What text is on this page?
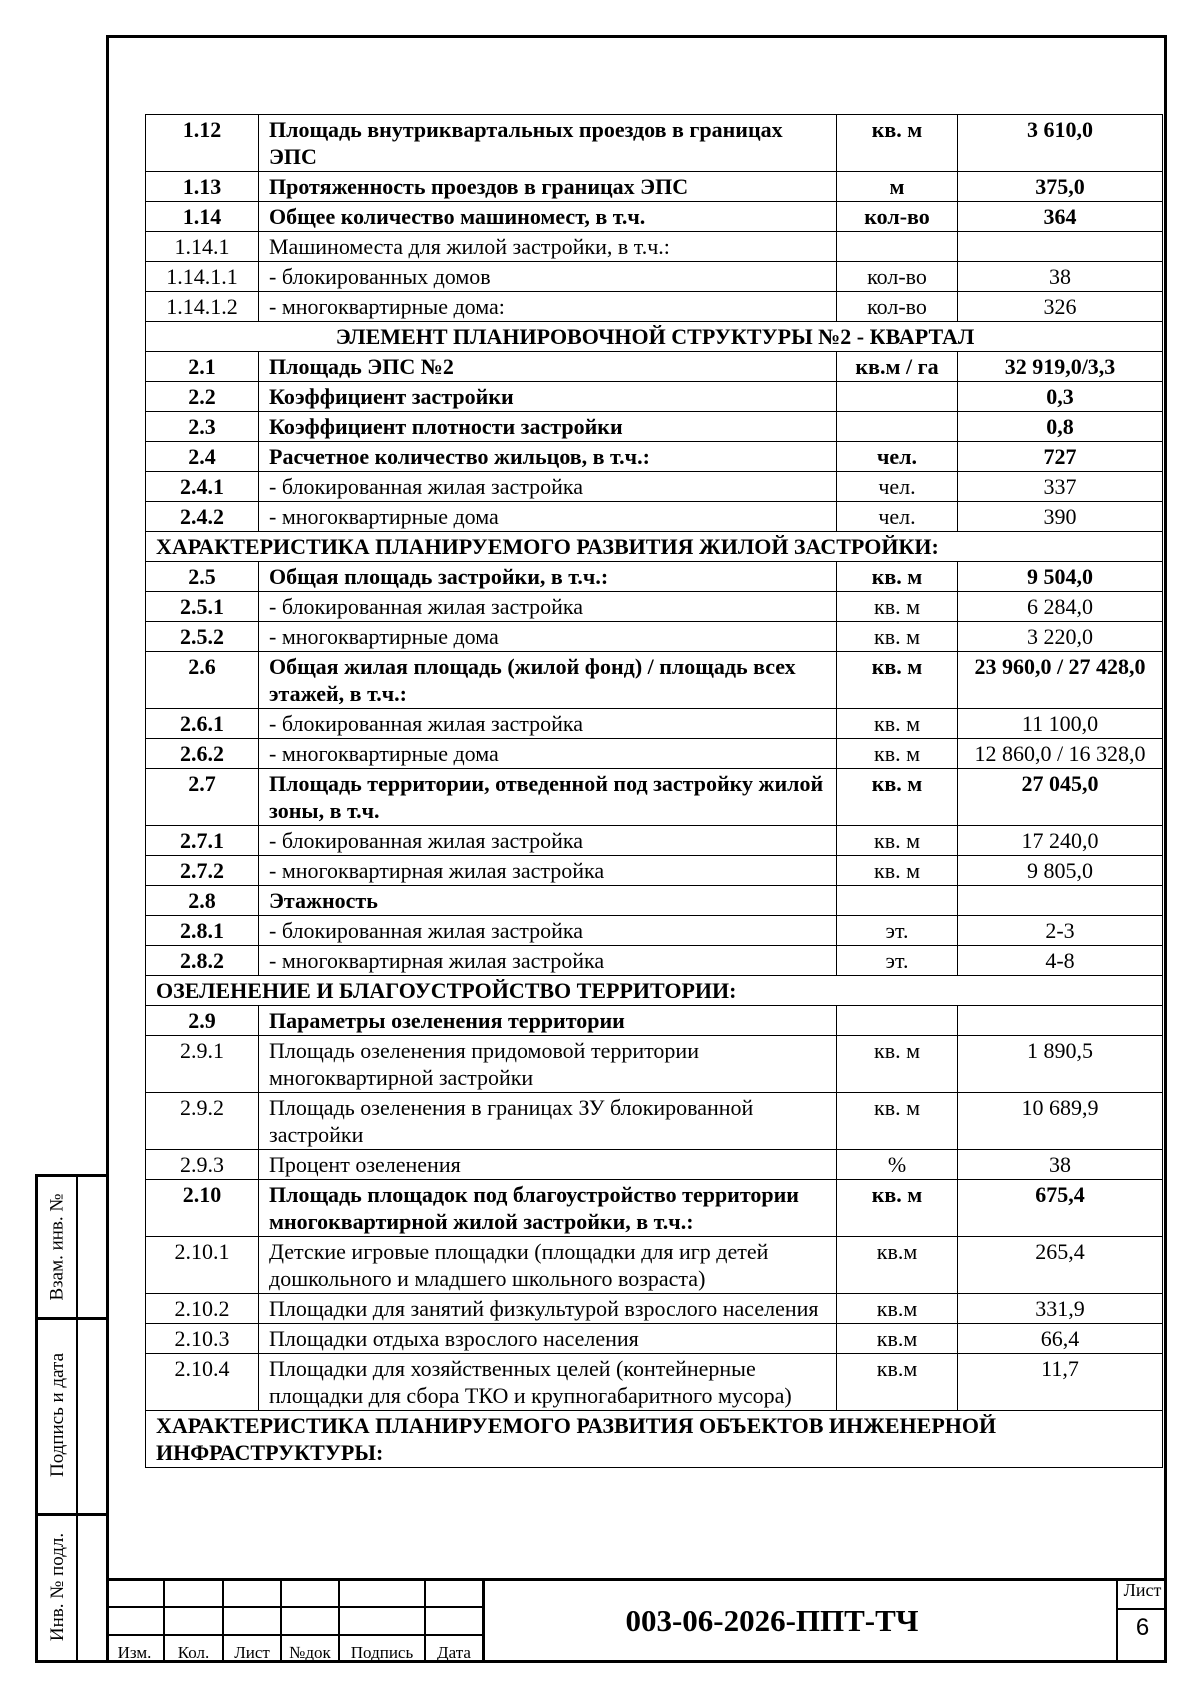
1.12	Площадь внутриквартальных проездов в границах ЭПС	кв. м	3 610,0
1.13	Протяженность проездов в границах ЭПС	м	375,0
1.14	Общее количество машиномест, в т.ч.	кол-во	364
1.14.1	Машиноместа для жилой застройки, в т.ч.:		
1.14.1.1	- блокированных домов	кол-во	38
1.14.1.2	- многоквартирные дома:	кол-во	326
ЭЛЕМЕНТ ПЛАНИРОВОЧНОЙ СТРУКТУРЫ №2 - КВАРТАЛ			
2.1	Площадь ЭПС №2	кв.м / га	32 919,0/3,3
2.2	Коэффициент застройки		0,3
2.3	Коэффициент плотности застройки		0,8
2.4	Расчетное количество жильцов, в т.ч.:	чел.	727
2.4.1	- блокированная жилая застройка	чел.	337
2.4.2	- многоквартирные дома	чел.	390
ХАРАКТЕРИСТИКА ПЛАНИРУЕМОГО РАЗВИТИЯ ЖИЛОЙ ЗАСТРОЙКИ:			
2.5	Общая площадь застройки, в т.ч.:	кв. м	9 504,0
2.5.1	- блокированная жилая застройка	кв. м	6 284,0
2.5.2	- многоквартирные дома	кв. м	3 220,0
2.6	Общая жилая площадь (жилой фонд) / площадь всех этажей, в т.ч.:	кв. м	23 960,0 / 27 428,0
2.6.1	- блокированная жилая застройка	кв. м	11 100,0
2.6.2	- многоквартирные дома	кв. м	12 860,0 / 16 328,0
2.7	Площадь территории, отведенной под застройку жилой зоны, в т.ч.	кв. м	27 045,0
2.7.1	- блокированная жилая застройка	кв. м	17 240,0
2.7.2	- многоквартирная жилая застройка	кв. м	9 805,0
2.8	Этажность		
2.8.1	- блокированная жилая застройка	эт.	2-3
2.8.2	- многоквартирная жилая застройка	эт.	4-8
ОЗЕЛЕНЕНИЕ И БЛАГОУСТРОЙСТВО ТЕРРИТОРИИ:			
2.9	Параметры озеленения территории		
2.9.1	Площадь озеленения придомовой территории многоквартирной застройки	кв. м	1 890,5
2.9.2	Площадь озеленения в границах ЗУ блокированной застройки	кв. м	10 689,9
2.9.3	Процент озеленения	%	38
2.10	Площадь площадок под благоустройство территории многоквартирной жилой застройки, в т.ч.:	кв. м	675,4
2.10.1	Детские игровые площадки (площадки для игр детей дошкольного и младшего школьного возраста)	кв.м	265,4
2.10.2	Площадки для занятий физкультурой взрослого населения	кв.м	331,9
2.10.3	Площадки отдыха взрослого населения	кв.м	66,4
2.10.4	Площадки для хозяйственных целей (контейнерные площадки для сбора ТКО и крупногабаритного мусора)	кв.м	11,7
ХАРАКТЕРИСТИКА ПЛАНИРУЕМОГО РАЗВИТИЯ ОБЪЕКТОВ ИНЖЕНЕРНОЙ ИНФРАСТРУКТУРЫ:			
Взам. инв. №
Подпись и дата
Инв. № подл.
Изм.	Кол.	Лист	№док	Подпись	Дата
003-06-2026-ППТ-ТЧ
Лист
6
